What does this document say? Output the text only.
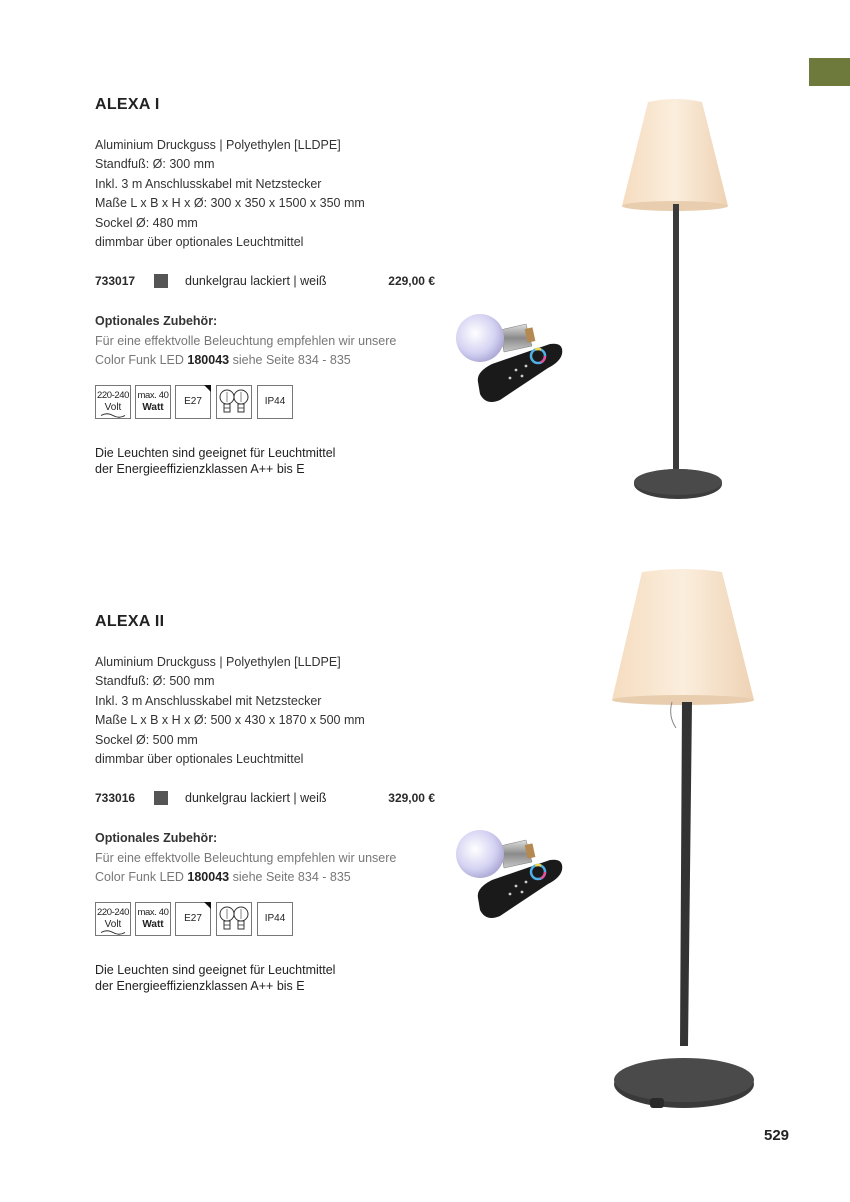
ALEXA I
Aluminium Druckguss | Polyethylen [LLDPE]
Standfuß: Ø: 300 mm
Inkl. 3 m Anschlusskabel mit Netzstecker
Maße L x B x H x Ø: 300 x 350 x 1500 x 350 mm
Sockel Ø: 480 mm
dimmbar über optionales Leuchtmittel
733017	dunkelgrau lackiert | weiß	229,00 €
Optionales Zubehör:
Für eine effektvolle Beleuchtung empfehlen wir unsere
Color Funk LED 180043 siehe Seite 834 - 835
220-240
Volt
max. 40
Watt
E27	IP44
Die Leuchten sind geeignet für Leuchtmittel
der Energieeffizienzklassen A++ bis E
ALEXA II
Aluminium Druckguss | Polyethylen [LLDPE]
Standfuß: Ø: 500 mm
Inkl. 3 m Anschlusskabel mit Netzstecker
Maße L x B x H x Ø: 500 x 430 x 1870 x 500 mm
Sockel Ø: 500 mm
dimmbar über optionales Leuchtmittel
733016	dunkelgrau lackiert | weiß	329,00 €
Optionales Zubehör:
Für eine effektvolle Beleuchtung empfehlen wir unsere
Color Funk LED 180043 siehe Seite 834 - 835
220-240
Volt
max. 40
Watt
E27	IP44
Die Leuchten sind geeignet für Leuchtmittel
der Energieeffizienzklassen A++ bis E
529
